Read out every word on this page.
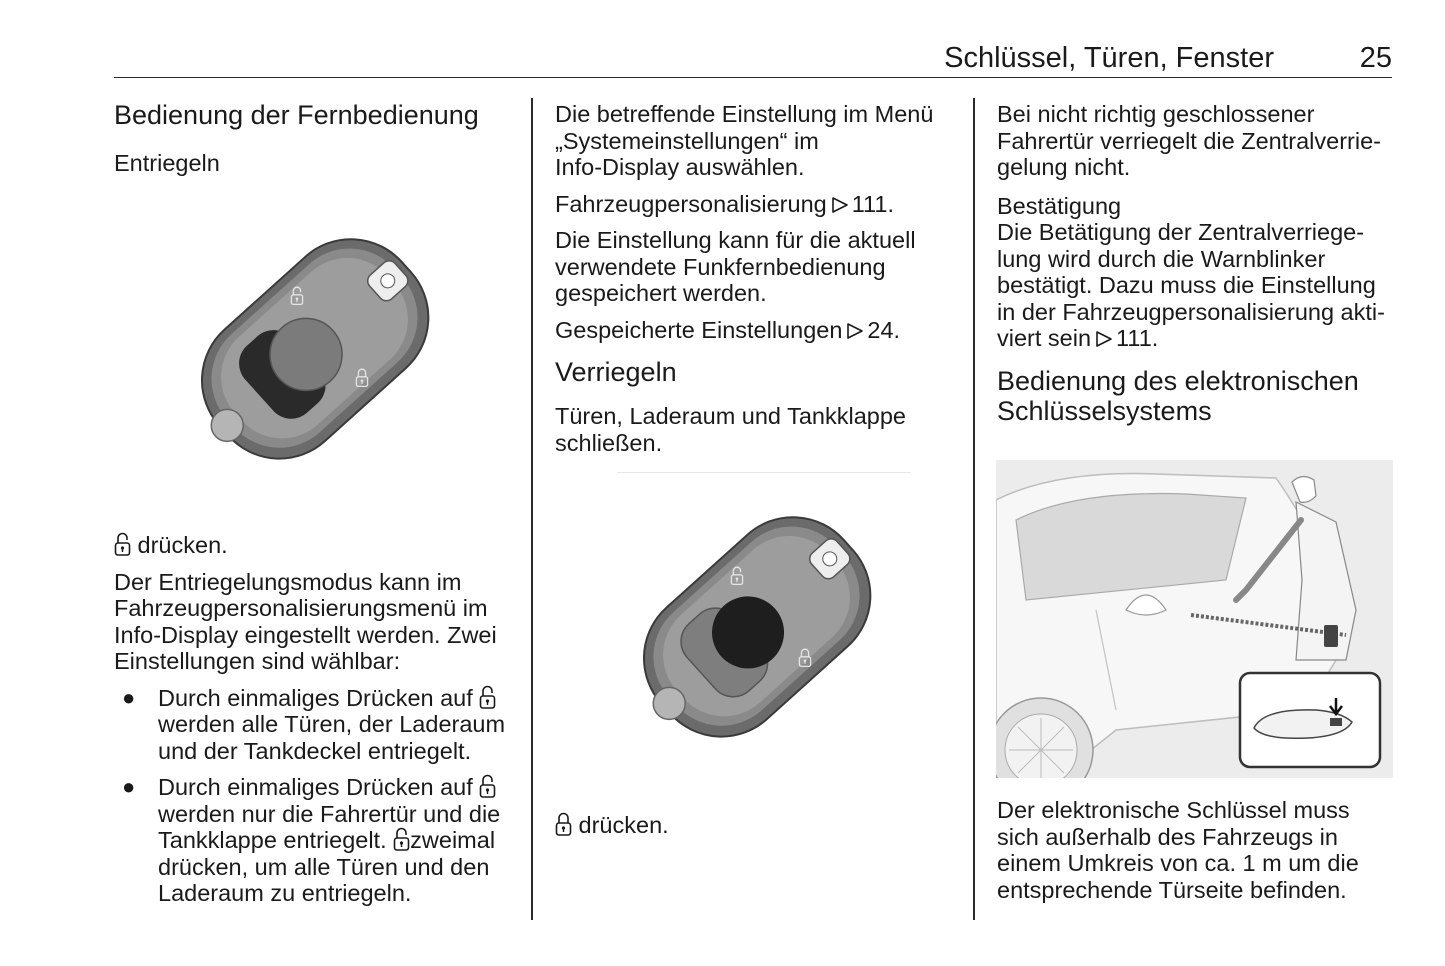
Schlüssel, Türen, Fenster	25
Bedienung der Fernbedienung
Entriegeln

drücken.

Der Entriegelungsmodus kann im
Fahrzeugpersonalisierungsmenü im
Info-Display eingestellt werden. Zwei
Einstellungen sind wählbar:

● Durch einmaliges Drücken auf
werden alle Türen, der Laderaum
und der Tankdeckel entriegelt.
● Durch einmaliges Drücken auf
werden nur die Fahrertür und die
Tankklappe entriegelt. zweimal
drücken, um alle Türen und den
Laderaum zu entriegeln.

Die betreffende Einstellung im Menü
„Systemeinstellungen“ im
Info-Display auswählen.

Fahrzeugpersonalisierung 111.

Die Einstellung kann für die aktuell
verwendete Funkfernbedienung
gespeichert werden.

Gespeicherte Einstellungen 24.

Verriegeln

Türen, Laderaum und Tankklappe
schließen.

drücken.

Bei nicht richtig geschlossener
Fahrertür verriegelt die Zentralverrie-
gelung nicht.

Bestätigung

Die Betätigung der Zentralverriege-
lung wird durch die Warnblinker
bestätigt. Dazu muss die Einstellung
in der Fahrzeugpersonalisierung akti-
viert sein 111.

Bedienung des elektronischen
Schlüsselsystems

Der elektronische Schlüssel muss
sich außerhalb des Fahrzeugs in
einem Umkreis von ca. 1 m um die
entsprechende Türseite befinden.
